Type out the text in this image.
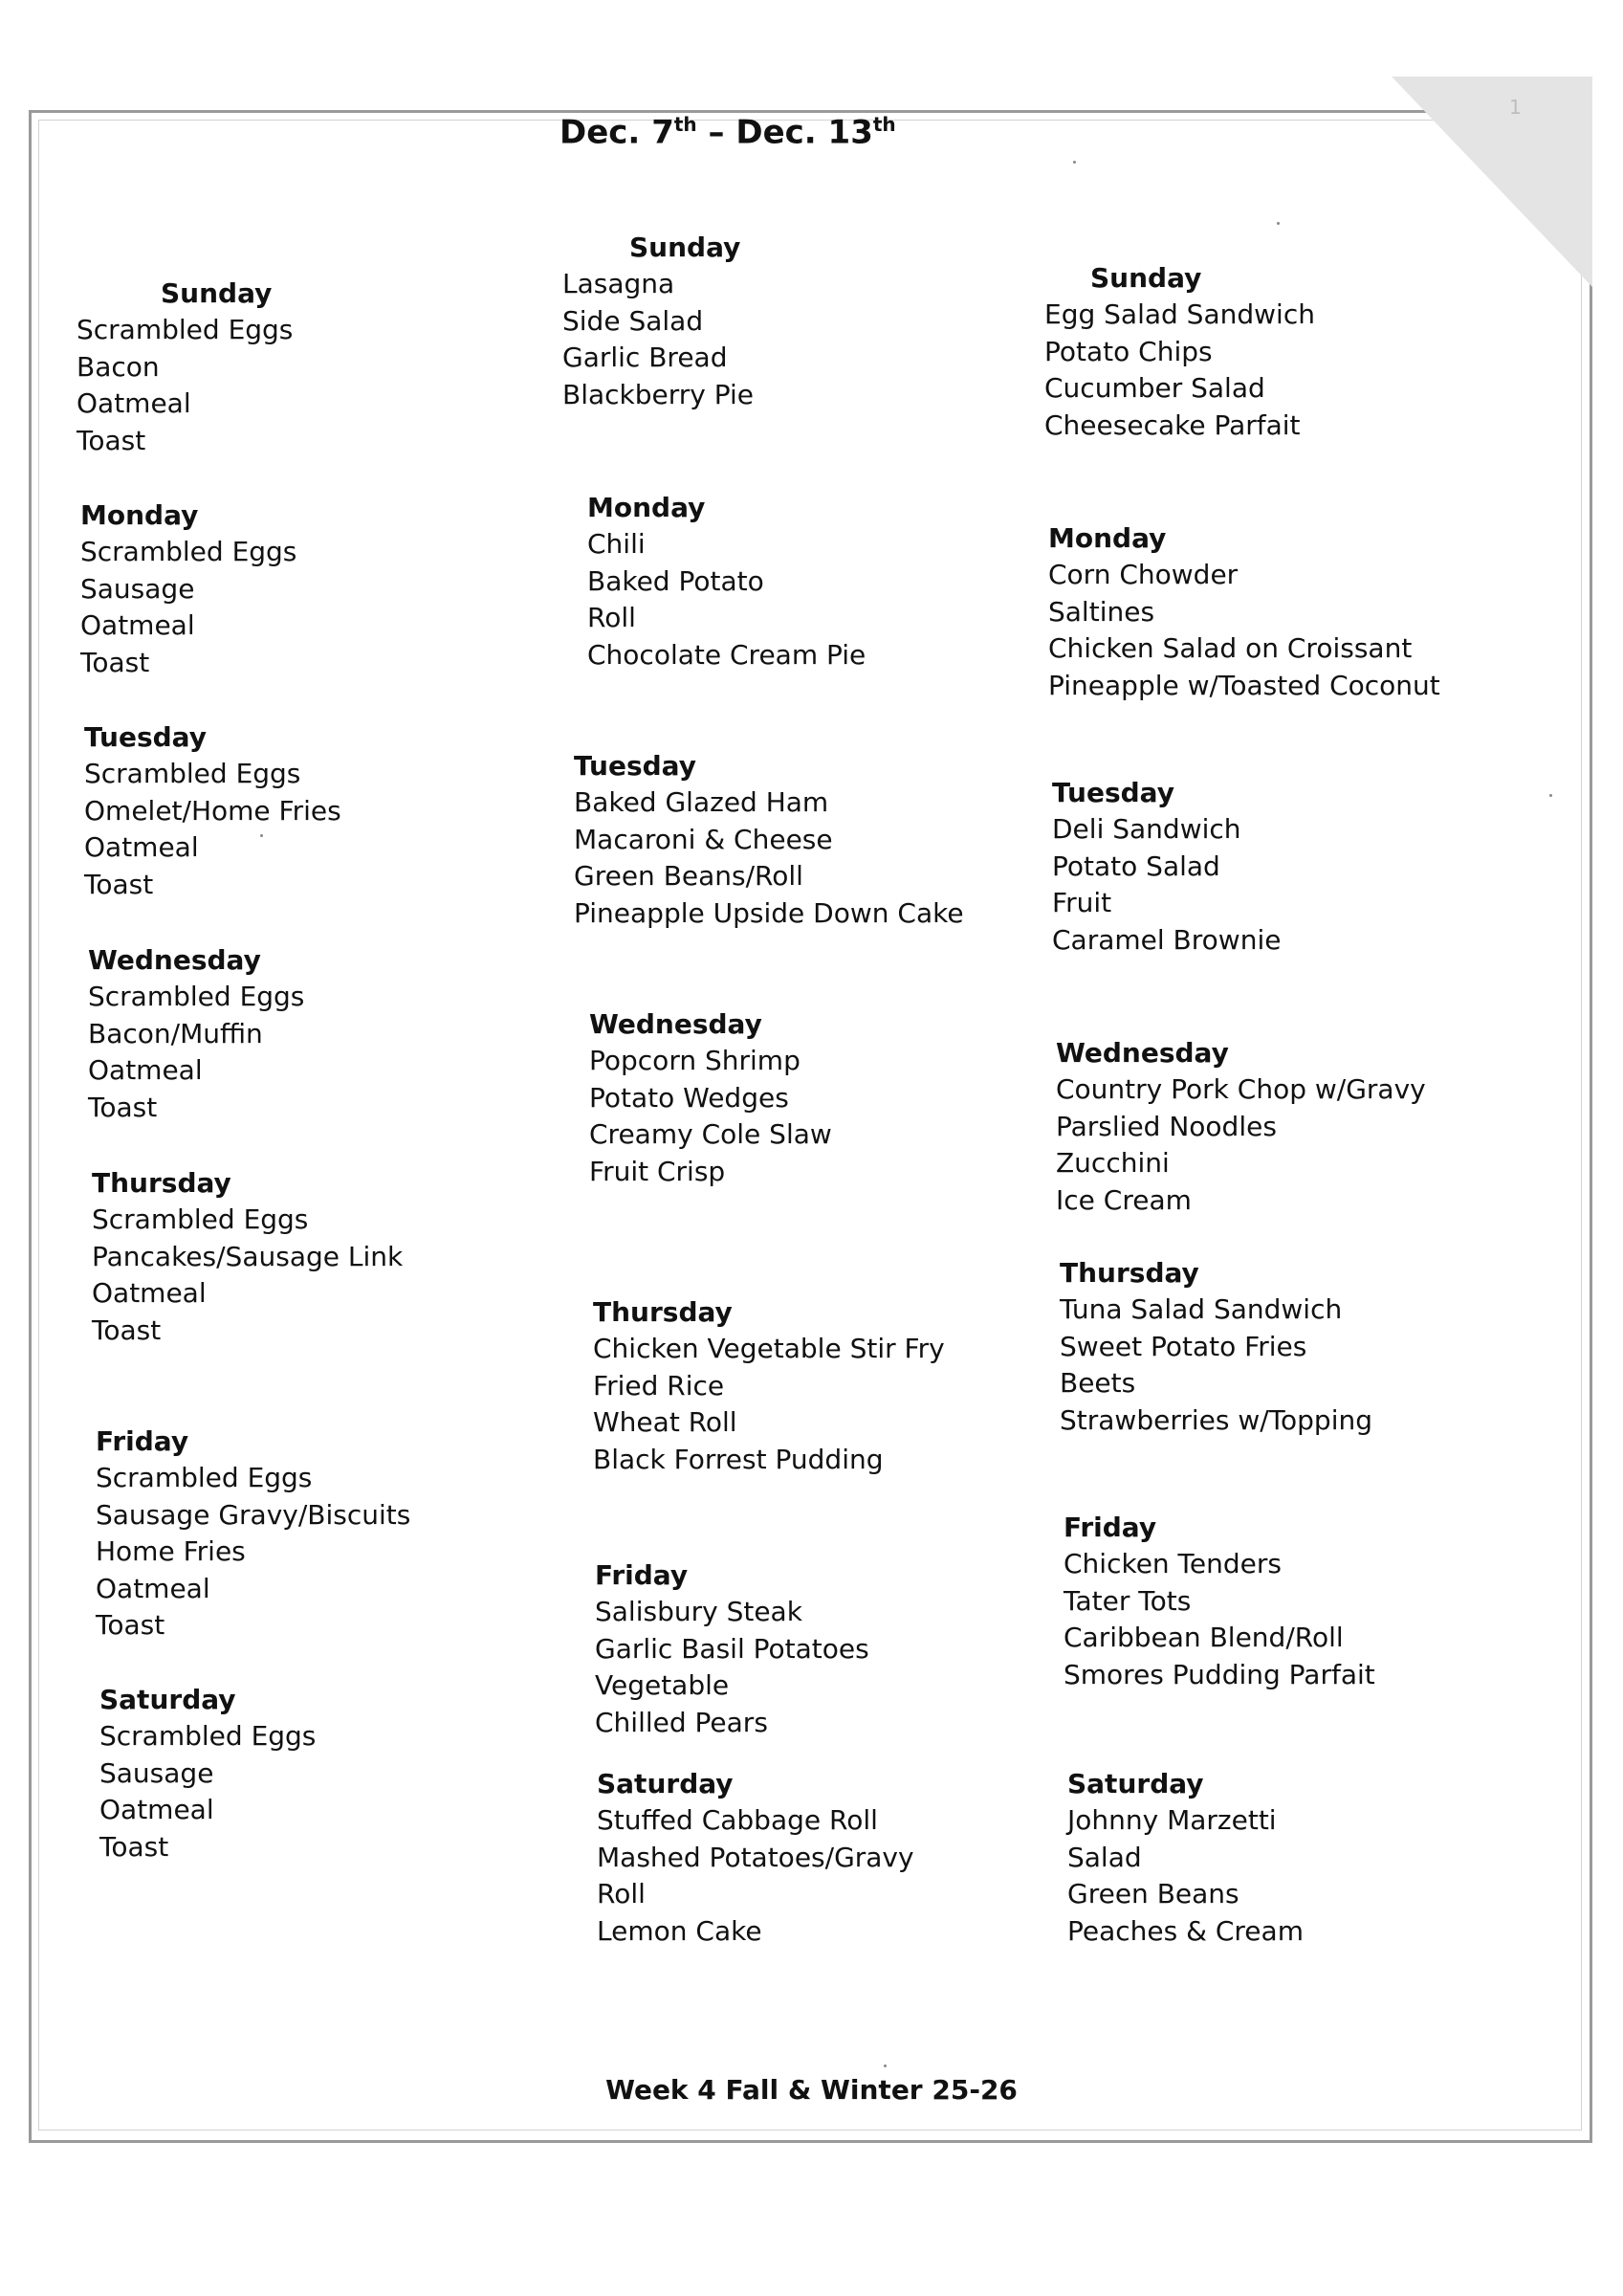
1
Dec. 7th – Dec. 13th
Sunday
Scrambled Eggs
Bacon
Oatmeal
Toast
Monday
Scrambled Eggs
Sausage
Oatmeal
Toast
Tuesday
Scrambled Eggs
Omelet/Home Fries
Oatmeal
Toast
Wednesday
Scrambled Eggs
Bacon/Muffin
Oatmeal
Toast
Thursday
Scrambled Eggs
Pancakes/Sausage Link
Oatmeal
Toast
Friday
Scrambled Eggs
Sausage Gravy/Biscuits
Home Fries
Oatmeal
Toast
Saturday
Scrambled Eggs
Sausage
Oatmeal
Toast
Sunday
Lasagna
Side Salad
Garlic Bread
Blackberry Pie
Monday
Chili
Baked Potato
Roll
Chocolate Cream Pie
Tuesday
Baked Glazed Ham
Macaroni & Cheese
Green Beans/Roll
Pineapple Upside Down Cake
Wednesday
Popcorn Shrimp
Potato Wedges
Creamy Cole Slaw
Fruit Crisp
Thursday
Chicken Vegetable Stir Fry
Fried Rice
Wheat Roll
Black Forrest Pudding
Friday
Salisbury Steak
Garlic Basil Potatoes
Vegetable
Chilled Pears
Saturday
Stuffed Cabbage Roll
Mashed Potatoes/Gravy
Roll
Lemon Cake
Sunday
Egg Salad Sandwich
Potato Chips
Cucumber Salad
Cheesecake Parfait
Monday
Corn Chowder
Saltines
Chicken Salad on Croissant
Pineapple w/Toasted Coconut
Tuesday
Deli Sandwich
Potato Salad
Fruit
Caramel Brownie
Wednesday
Country Pork Chop w/Gravy
Parslied Noodles
Zucchini
Ice Cream
Thursday
Tuna Salad Sandwich
Sweet Potato Fries
Beets
Strawberries w/Topping
Friday
Chicken Tenders
Tater Tots
Caribbean Blend/Roll
Smores Pudding Parfait
Saturday
Johnny Marzetti
Salad
Green Beans
Peaches & Cream
Week 4 Fall & Winter 25-26
